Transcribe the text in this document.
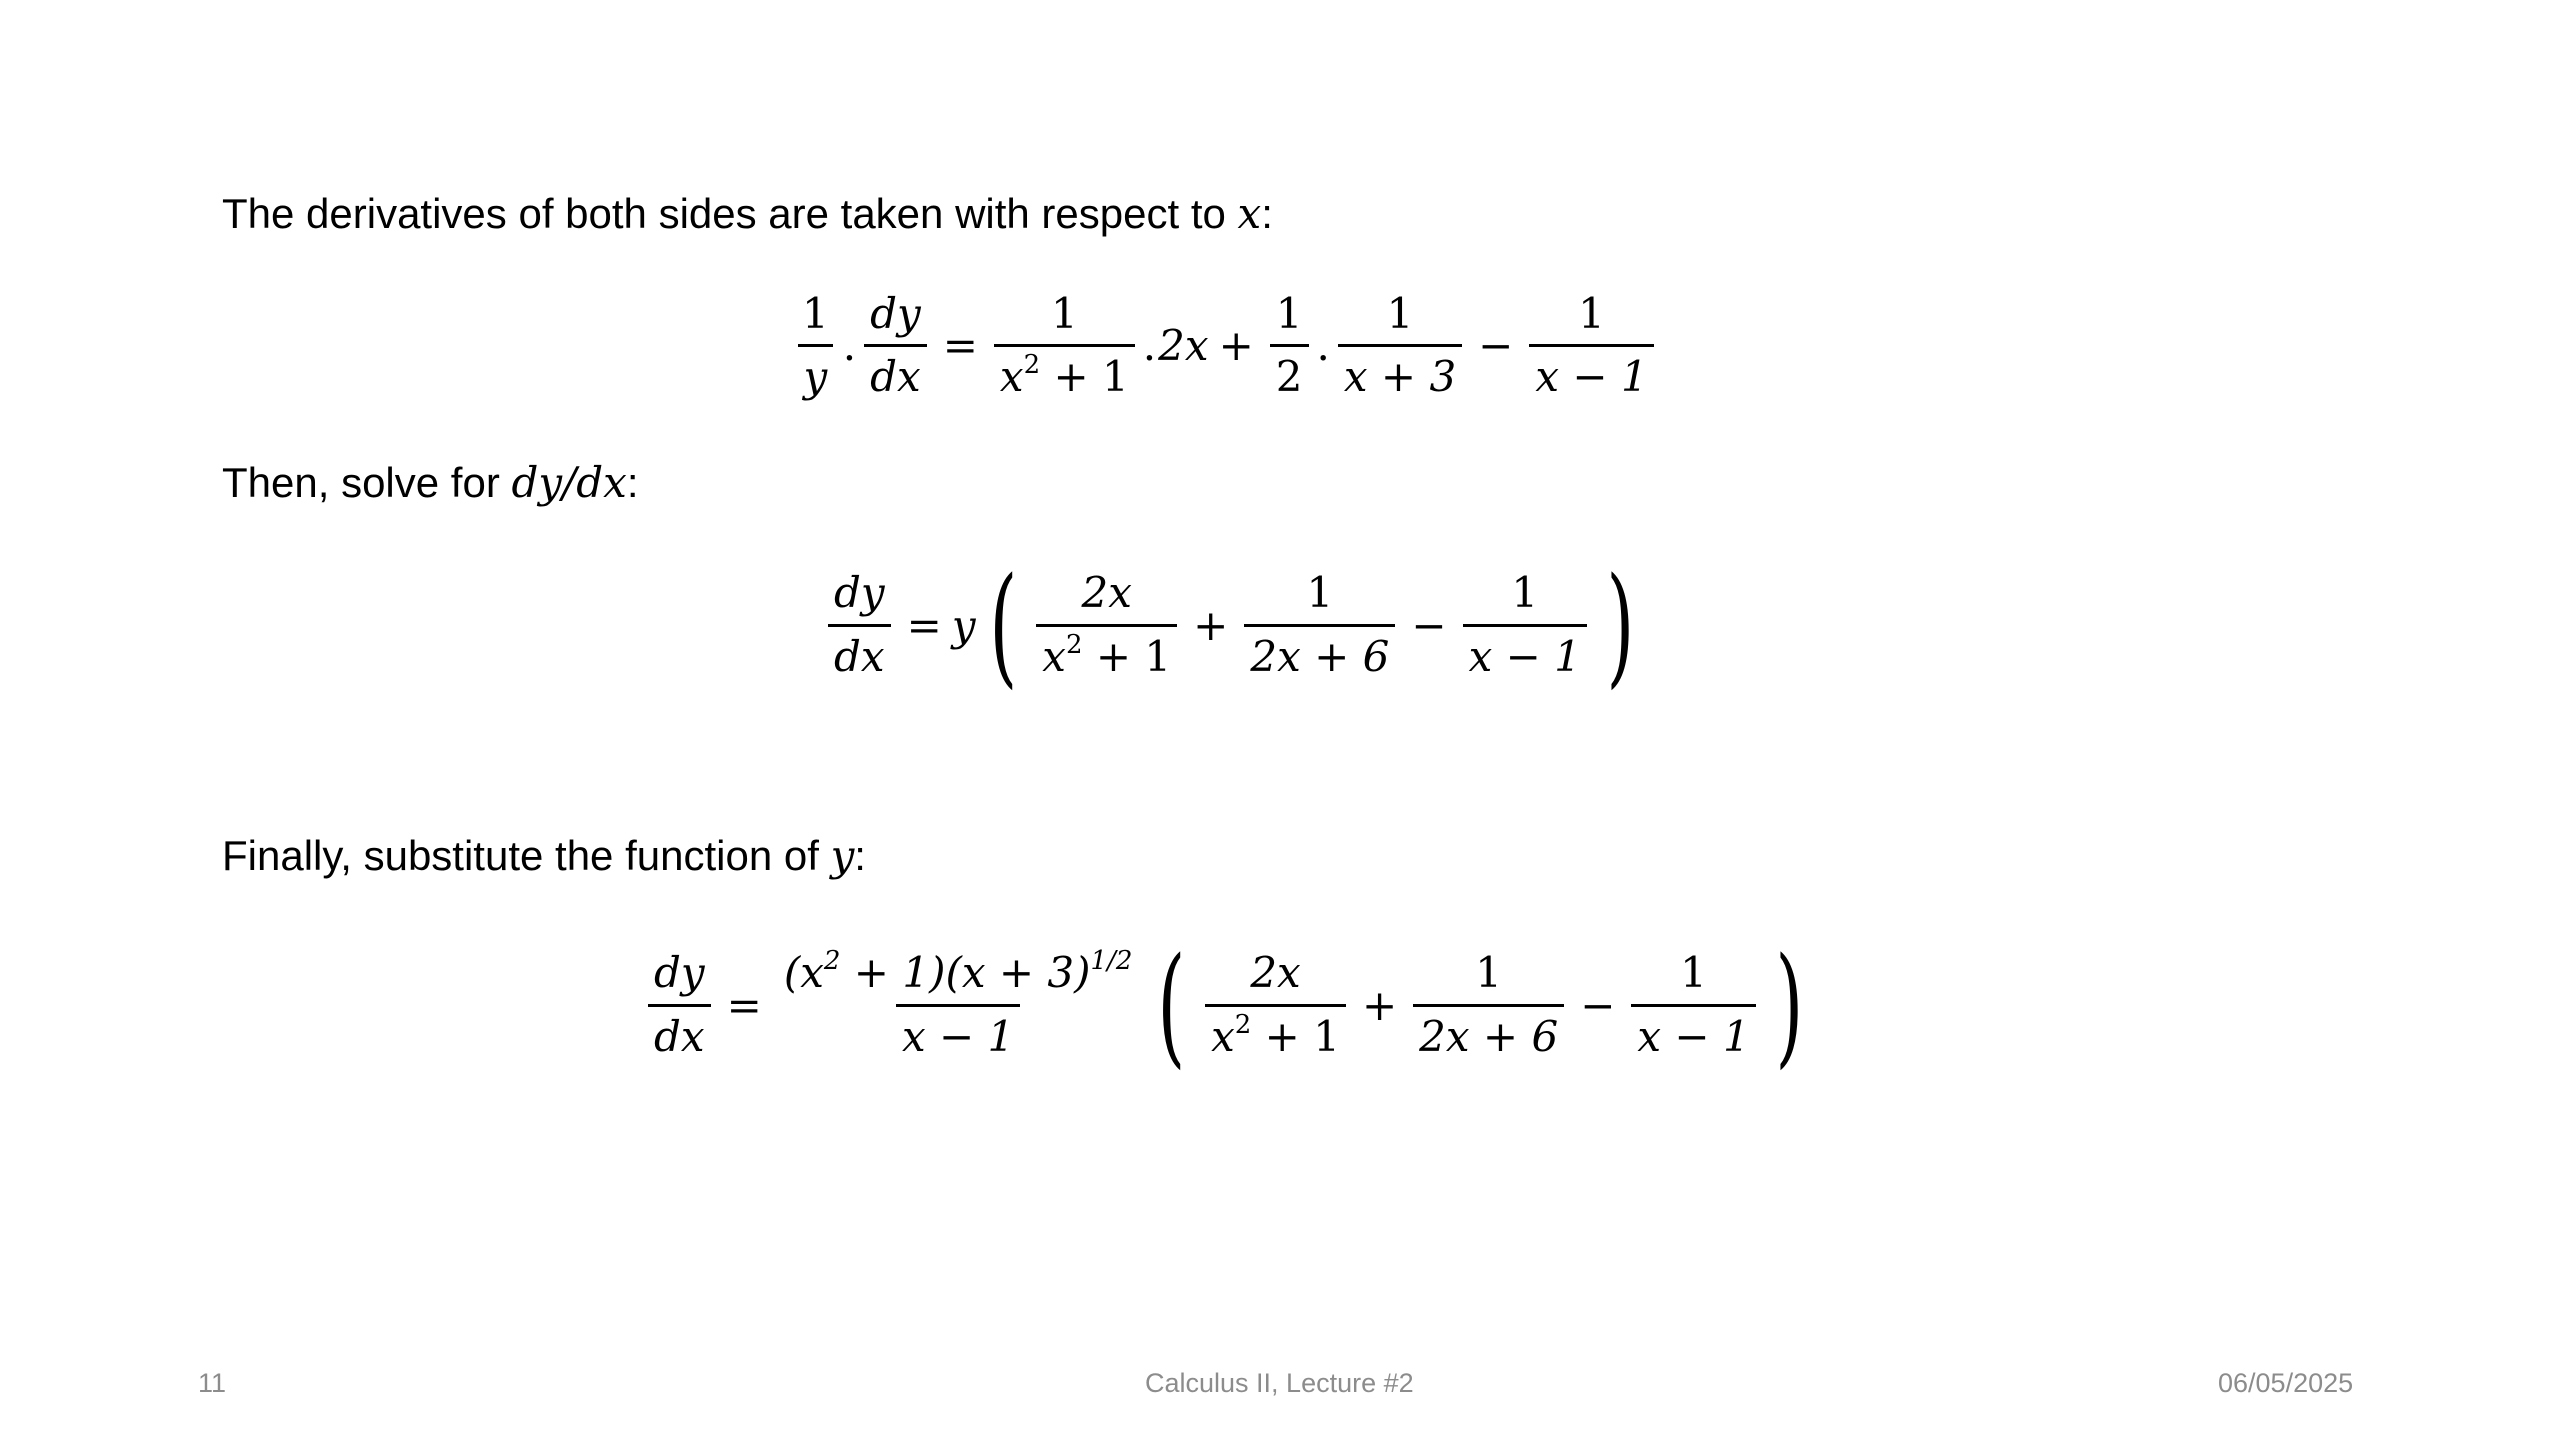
The derivatives of both sides are taken with respect to x:
$\frac{1}{y}$ . $\frac{dy}{dx} = \frac{1}{x^2 + 1}$ . $2x + \frac{1}{2}$ . $\frac{1}{x + 3} - \frac{1}{x - 1}$
Then, solve for dy/dx:
$\frac{dy}{dx} = y$ ( $\frac{2x}{x^2 + 1} + \frac{1}{2x + 6} - \frac{1}{x - 1}$ )
Finally, substitute the function of y:
$\frac{dy}{dx} = \frac{(x^2 + 1)(x + 3)^{1/2}}{x - 1}$ ( $\frac{2x}{x^2 + 1} + \frac{1}{2x + 6} - \frac{1}{x - 1}$ )
11	Calculus II, Lecture #2	06/05/2025
